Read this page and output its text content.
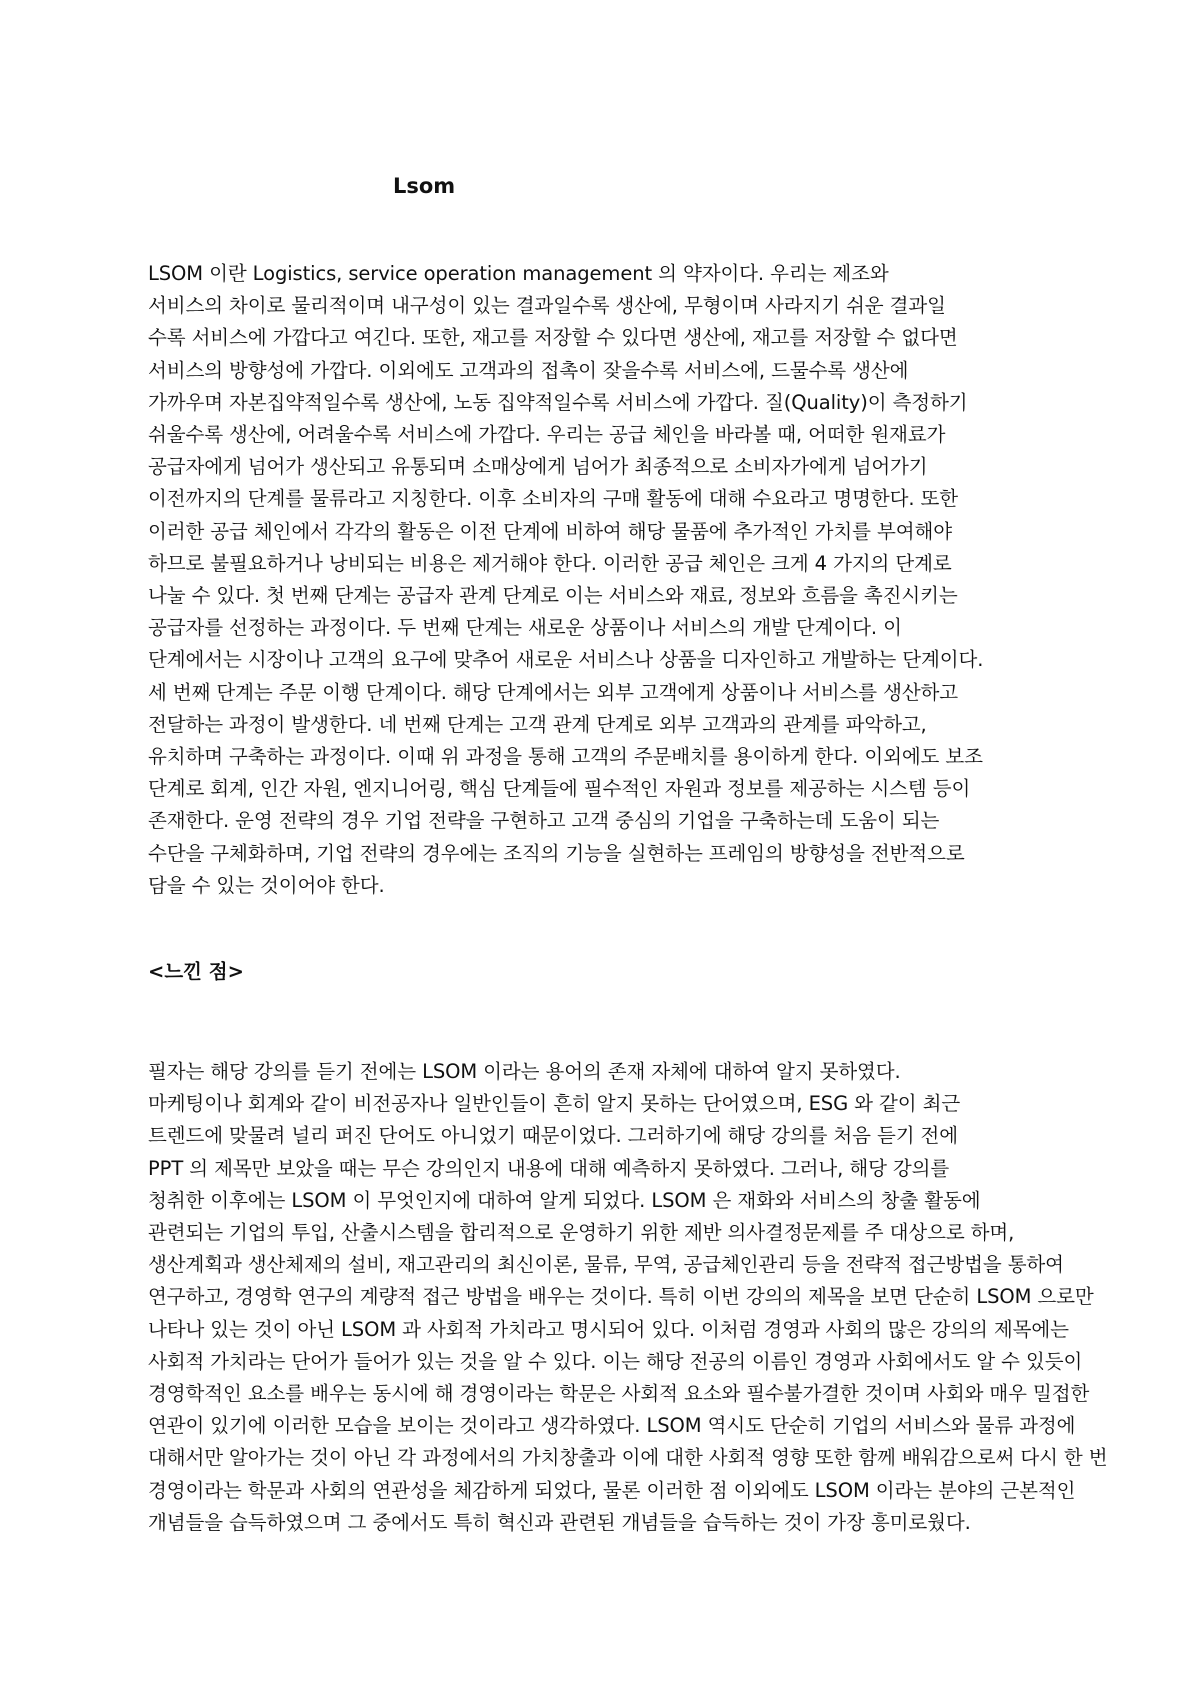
Lsom

LSOM 이란 Logistics, service operation management 의 약자이다. 우리는 제조와
서비스의 차이로 물리적이며 내구성이 있는 결과일수록 생산에, 무형이며 사라지기 쉬운 결과일
수록 서비스에 가깝다고 여긴다. 또한, 재고를 저장할 수 있다면 생산에, 재고를 저장할 수 없다면
서비스의 방향성에 가깝다. 이외에도 고객과의 접촉이 잦을수록 서비스에, 드물수록 생산에
가까우며 자본집약적일수록 생산에, 노동 집약적일수록 서비스에 가깝다. 질(Quality)이 측정하기
쉬울수록 생산에, 어려울수록 서비스에 가깝다. 우리는 공급 체인을 바라볼 때, 어떠한 원재료가
공급자에게 넘어가 생산되고 유통되며 소매상에게 넘어가 최종적으로 소비자가에게 넘어가기
이전까지의 단계를 물류라고 지칭한다. 이후 소비자의 구매 활동에 대해 수요라고 명명한다. 또한
이러한 공급 체인에서 각각의 활동은 이전 단계에 비하여 해당 물품에 추가적인 가치를 부여해야
하므로 불필요하거나 낭비되는 비용은 제거해야 한다. 이러한 공급 체인은 크게 4 가지의 단계로
나눌 수 있다. 첫 번째 단계는 공급자 관계 단계로 이는 서비스와 재료, 정보와 흐름을 촉진시키는
공급자를 선정하는 과정이다. 두 번째 단계는 새로운 상품이나 서비스의 개발 단계이다. 이
단계에서는 시장이나 고객의 요구에 맞추어 새로운 서비스나 상품을 디자인하고 개발하는 단계이다.
세 번째 단계는 주문 이행 단계이다. 해당 단계에서는 외부 고객에게 상품이나 서비스를 생산하고
전달하는 과정이 발생한다. 네 번째 단계는 고객 관계 단계로 외부 고객과의 관계를 파악하고,
유치하며 구축하는 과정이다. 이때 위 과정을 통해 고객의 주문배치를 용이하게 한다. 이외에도 보조
단계로 회계, 인간 자원, 엔지니어링, 핵심 단계들에 필수적인 자원과 정보를 제공하는 시스템 등이
존재한다. 운영 전략의 경우 기업 전략을 구현하고 고객 중심의 기업을 구축하는데 도움이 되는
수단을 구체화하며, 기업 전략의 경우에는 조직의 기능을 실현하는 프레임의 방향성을 전반적으로
담을 수 있는 것이어야 한다.

<느낀 점>

필자는 해당 강의를 듣기 전에는 LSOM 이라는 용어의 존재 자체에 대하여 알지 못하였다.
마케팅이나 회계와 같이 비전공자나 일반인들이 흔히 알지 못하는 단어였으며, ESG 와 같이 최근
트렌드에 맞물려 널리 퍼진 단어도 아니었기 때문이었다. 그러하기에 해당 강의를 처음 듣기 전에
PPT 의 제목만 보았을 때는 무슨 강의인지 내용에 대해 예측하지 못하였다. 그러나, 해당 강의를
청취한 이후에는 LSOM 이 무엇인지에 대하여 알게 되었다. LSOM 은 재화와 서비스의 창출 활동에
관련되는 기업의 투입, 산출시스템을 합리적으로 운영하기 위한 제반 의사결정문제를 주 대상으로 하며,
생산계획과 생산체제의 설비, 재고관리의 최신이론, 물류, 무역, 공급체인관리 등을 전략적 접근방법을 통하여
연구하고, 경영학 연구의 계량적 접근 방법을 배우는 것이다. 특히 이번 강의의 제목을 보면 단순히 LSOM 으로만
나타나 있는 것이 아닌 LSOM 과 사회적 가치라고 명시되어 있다. 이처럼 경영과 사회의 많은 강의의 제목에는
사회적 가치라는 단어가 들어가 있는 것을 알 수 있다. 이는 해당 전공의 이름인 경영과 사회에서도 알 수 있듯이
경영학적인 요소를 배우는 동시에 해 경영이라는 학문은 사회적 요소와 필수불가결한 것이며 사회와 매우 밀접한
연관이 있기에 이러한 모습을 보이는 것이라고 생각하였다. LSOM 역시도 단순히 기업의 서비스와 물류 과정에
대해서만 알아가는 것이 아닌 각 과정에서의 가치창출과 이에 대한 사회적 영향 또한 함께 배워감으로써 다시 한 번
경영이라는 학문과 사회의 연관성을 체감하게 되었다, 물론 이러한 점 이외에도 LSOM 이라는 분야의 근본적인
개념들을 습득하였으며 그 중에서도 특히 혁신과 관련된 개념들을 습득하는 것이 가장 흥미로웠다.
